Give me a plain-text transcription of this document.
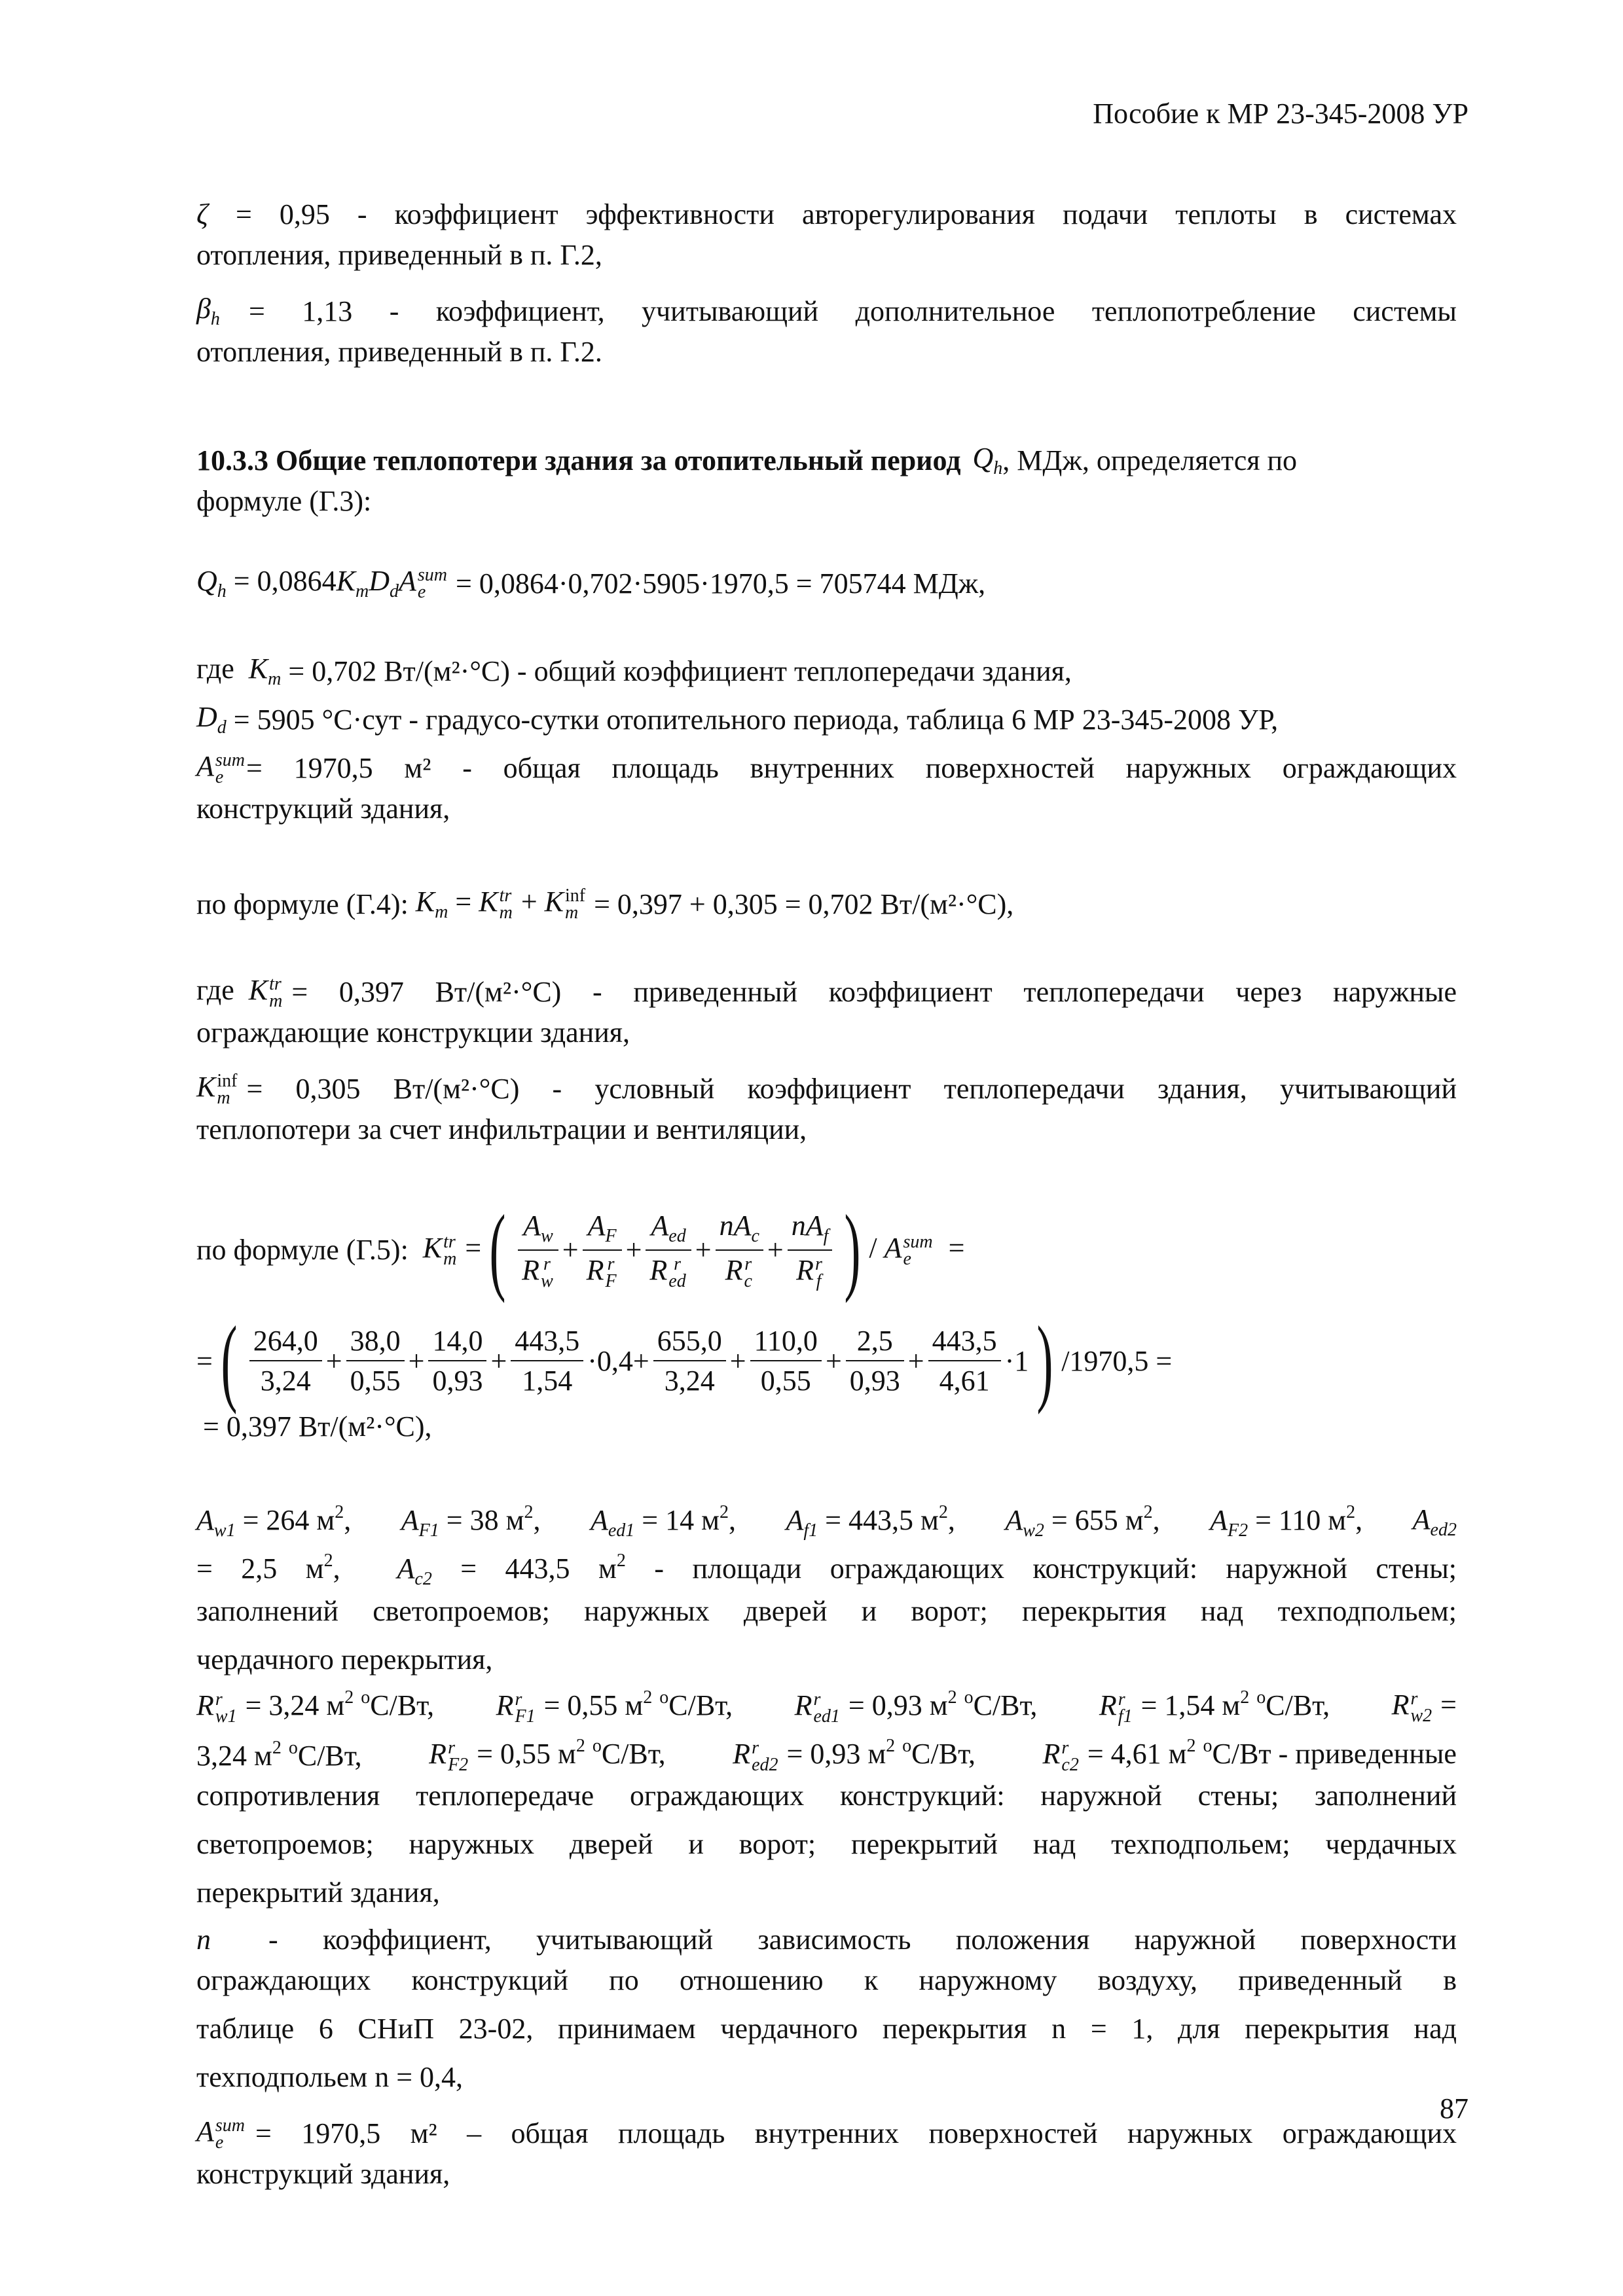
Пособие к МР 23-345-2008 УР
ζ = 0,95 - коэффициент эффективности авторегулирования подачи теплоты в системах
отопления, приведенный в п. Г.2,
$\beta_h$	= 1,13 - коэффициент, учитывающий дополнительное теплопотребление системы
отопления, приведенный в п. Г.2.
10.3.3 Общие теплопотери здания за отопительный период $Q_h$ , МДж, определяется по
формуле (Г.3):
$Q_h = 0,0864K_mD_dA$ sum
e
	= 0,0864·0,702·5905·1970,5 = 705744 МДж,
где  $K_m = 0,702$ Вт/(м²·°С) - общий коэффициент теплопередачи здания,
$D_d = 5905$ °С·сут - градусо-сутки отопительного периода, таблица 6 МР 23-345-2008 УР,
A sum
e = 1970,5 м² - общая площадь внутренних поверхностей наружных ограждающих
конструкций здания,
по формуле (Г.4): $K_m = K$ tr
m + K inf
m
= 0,397 + 0,305 = 0,702 Вт/(м²·°С),
где  K tr
m = 0,397 Вт/(м²·°С) - приведенный коэффициент теплопередачи через наружные
ограждающие конструкции здания,
K inf
m = 0,305 Вт/(м²·°С) - условный коэффициент теплопередачи здания, учитывающий
теплопотери за счет инфильтрации и вентиляции,
по формуле (Г.5): K tr
m = ( $A_w$
R r
$w + A_F$
R r
$F + A_{ed}$
R r
ed + $nA_c$
R r
$c + nA_f$
R r
f ) / A sum
e =
= ( $\frac{264,0}{3,24} + \frac{38,0}{0,55} + \frac{14,0}{0,93} + \frac{443,5}{1,54} \cdot 0,4+ \frac{655,0}{3,24} + \frac{110,0}{0,55} + \frac{2,5}{0,93} + \frac{443,5}{4,61} \cdot 1$ ) /1970,5 =
= 0,397 Вт/(м²·°С),
$A_{w1} = 264$ $м^2$, $A_{F1} = 38$ $м^2$, $A_{ed1} = 14$ $м^2$, $A_{f1} = 443,5$ $м^2$, $A_{w2} = 655$ $м^2$, $A_{F2} = 110$ $м^2$, $A_{ed2}$
= 2,5 $м^2$,  $A_{c2} = 443,5$ $м^2$ - площади ограждающих конструкций: наружной стены;
заполнений светопроемов; наружных дверей и ворот; перекрытия над техподпольем;
чердачного перекрытия,
R r
w1 = 3,24 $м^2$ $^о$С/Вт, R r
F1 = 0,55 $м^2$ $^о$С/Вт, R r
ed1 = 0,93 $м^2$ $^о$С/Вт, R r
f1 = 1,54 $м^2$ $^о$С/Вт, R r
w2 =
3,24 $м^2$ $^о$С/Вт, R r
F2 = 0,55 $м^2$ $^о$С/Вт, R r
ed2 = 0,93 $м^2$ $^о$С/Вт, R r
c2 = 4,61 $м^2$ $^о$С/Вт - приведенные
сопротивления теплопередаче ограждающих конструкций: наружной стены; заполнений
светопроемов; наружных дверей и ворот; перекрытий над техподпольем; чердачных
перекрытий здания,
n	- коэффициент, учитывающий зависимость положения наружной поверхности
ограждающих конструкций по отношению к наружному воздуху, приведенный в
таблице 6 СНиП 23-02, принимаем чердачного перекрытия n = 1, для перекрытия над
техподпольем n = 0,4,
A sum
e	= 1970,5 м² – общая площадь внутренних поверхностей наружных ограждающих
конструкций здания,
87
